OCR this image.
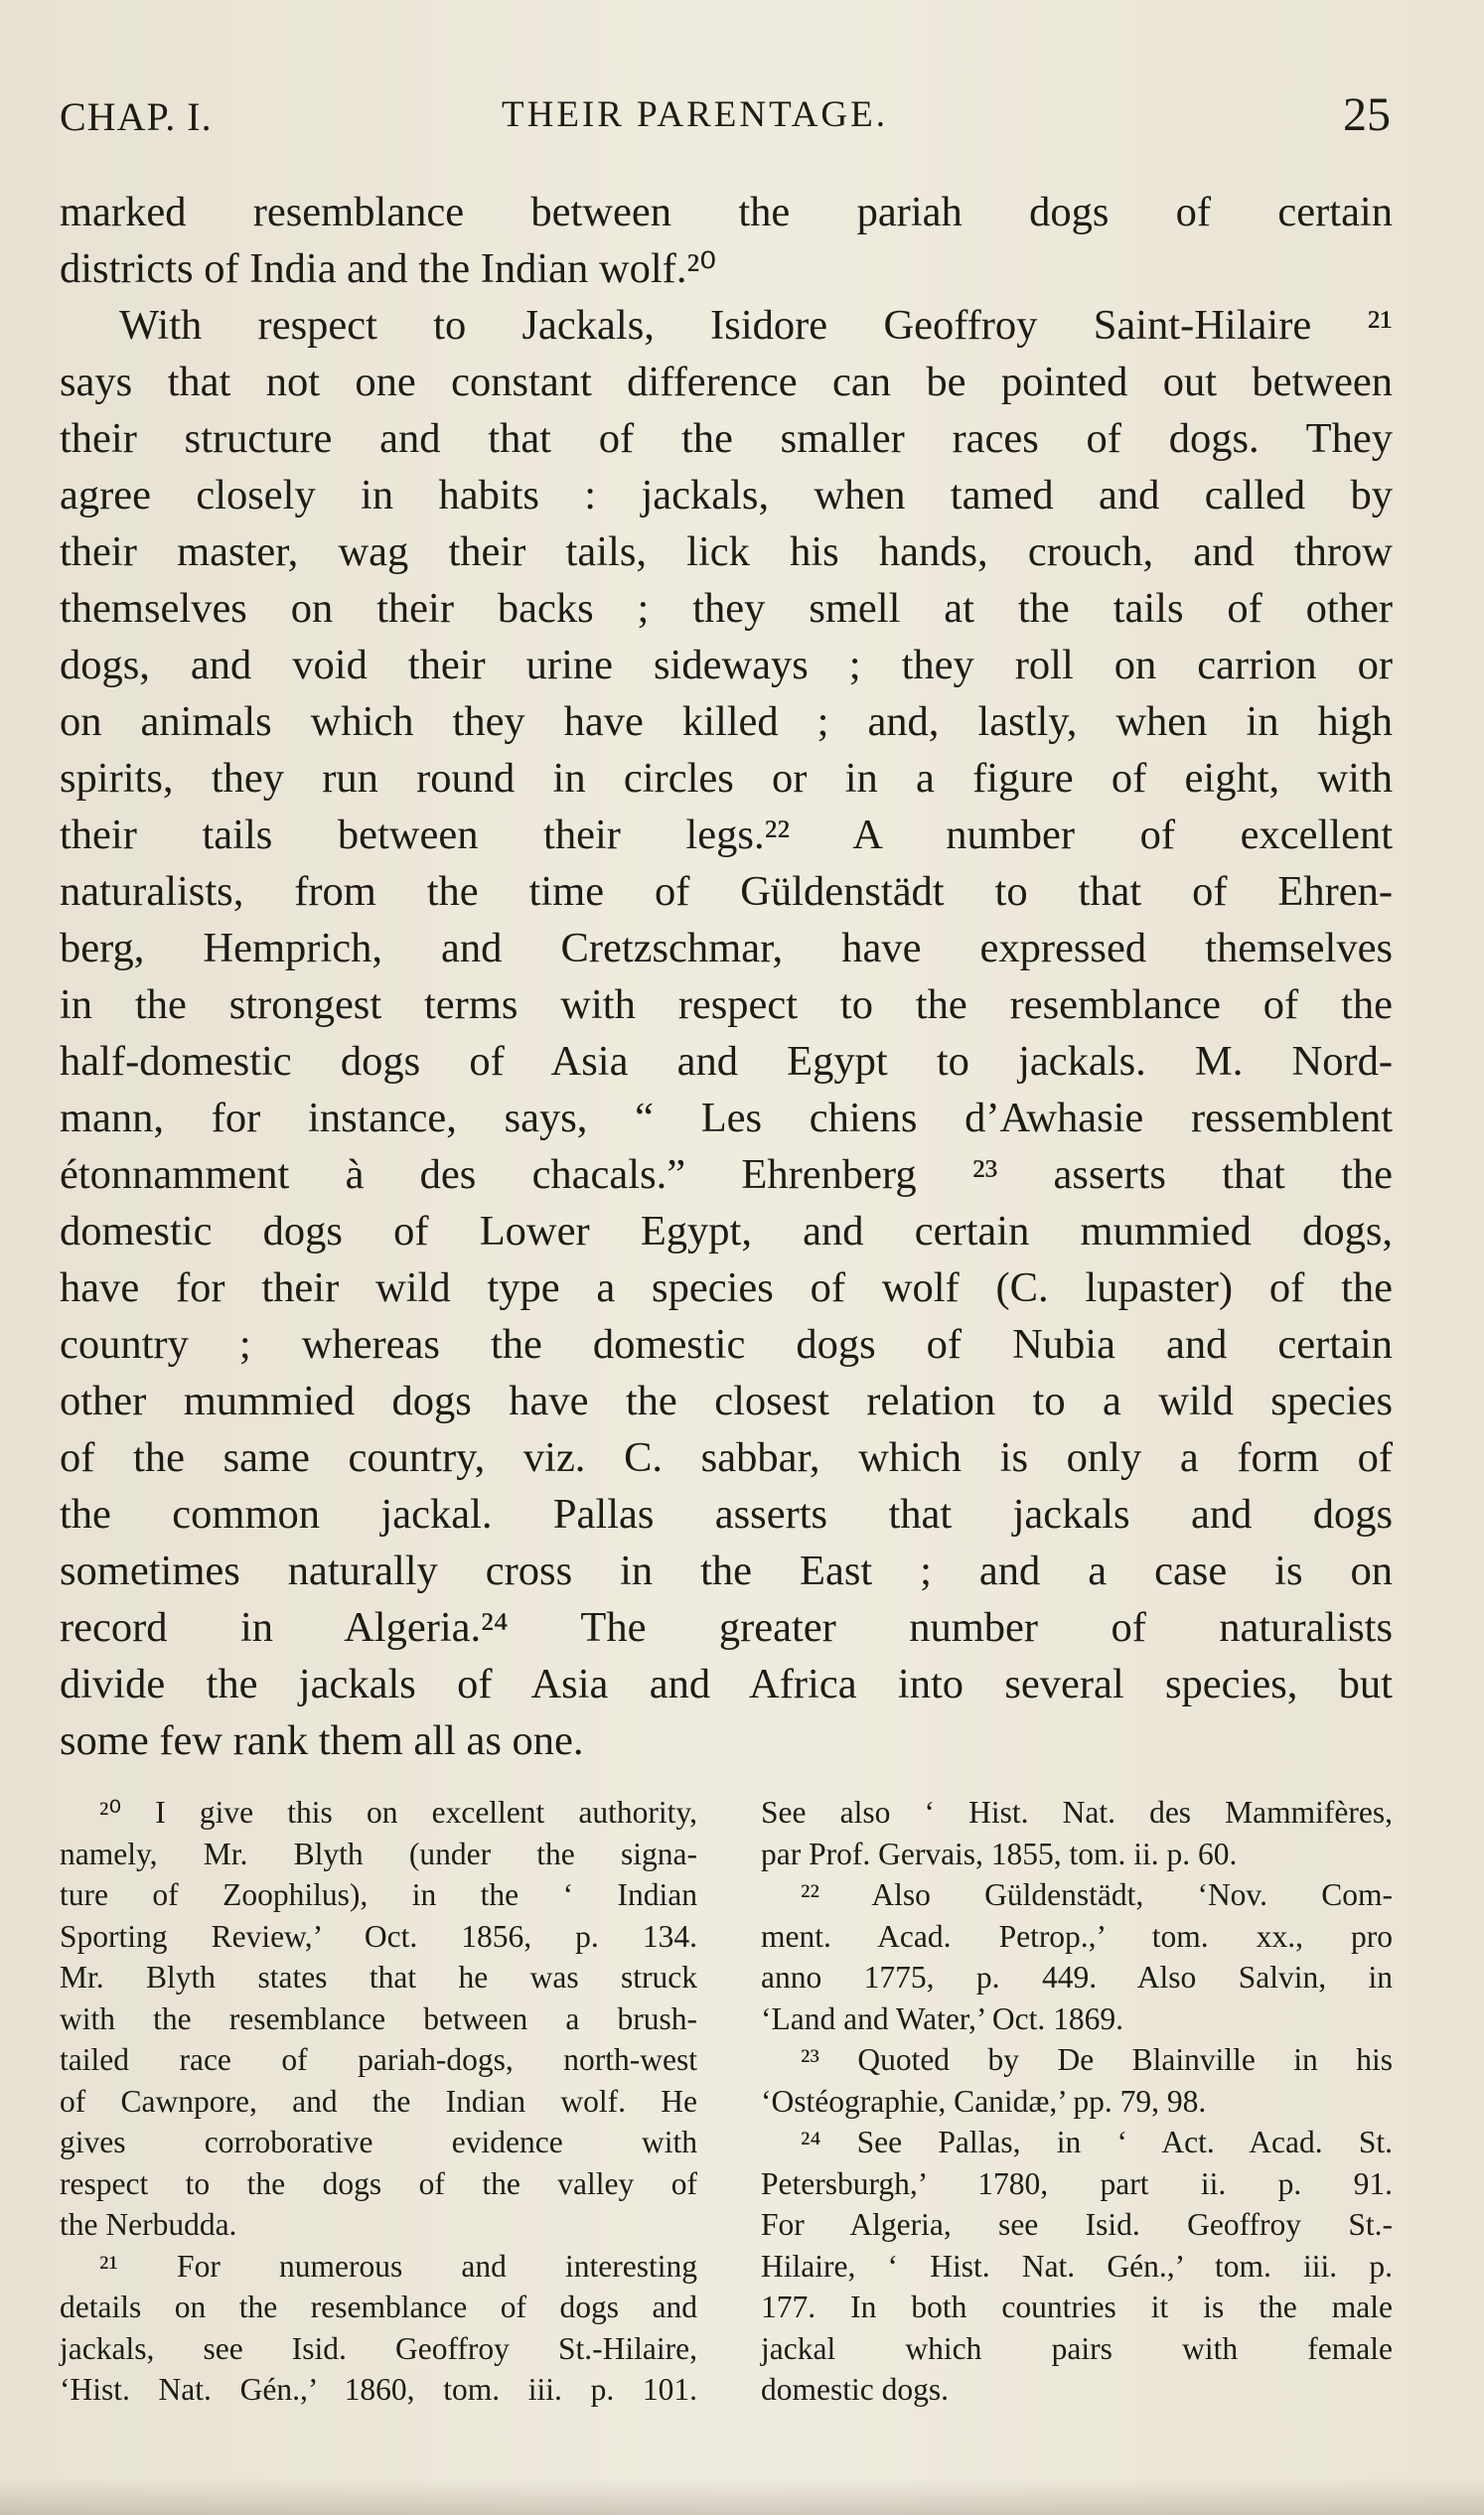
CHAP. I.	THEIR PARENTAGE.	25
marked resemblance between the pariah dogs of certain
districts of India and the Indian wolf.²⁰
With respect to Jackals, Isidore Geoffroy Saint-Hilaire ²¹
says that not one constant difference can be pointed out between
their structure and that of the smaller races of dogs. They
agree closely in habits : jackals, when tamed and called by
their master, wag their tails, lick his hands, crouch, and throw
themselves on their backs ; they smell at the tails of other
dogs, and void their urine sideways ; they roll on carrion or
on animals which they have killed ; and, lastly, when in high
spirits, they run round in circles or in a figure of eight, with
their tails between their legs.²² A number of excellent
naturalists, from the time of Güldenstädt to that of Ehren-
berg, Hemprich, and Cretzschmar, have expressed themselves
in the strongest terms with respect to the resemblance of the
half-domestic dogs of Asia and Egypt to jackals. M. Nord-
mann, for instance, says, “ Les chiens d’Awhasie ressemblent
étonnamment à des chacals.” Ehrenberg ²³ asserts that the
domestic dogs of Lower Egypt, and certain mummied dogs,
have for their wild type a species of wolf (C. lupaster) of the
country ; whereas the domestic dogs of Nubia and certain
other mummied dogs have the closest relation to a wild species
of the same country, viz. C. sabbar, which is only a form of
the common jackal. Pallas asserts that jackals and dogs
sometimes naturally cross in the East ; and a case is on
record in Algeria.²⁴ The greater number of naturalists
divide the jackals of Asia and Africa into several species, but
some few rank them all as one.
²⁰ I give this on excellent authority,
namely, Mr. Blyth (under the signa-
ture of Zoophilus), in the ‘ Indian
Sporting Review,’ Oct. 1856, p. 134.
Mr. Blyth states that he was struck
with the resemblance between a brush-
tailed race of pariah-dogs, north-west
of Cawnpore, and the Indian wolf. He
gives corroborative evidence with
respect to the dogs of the valley of
the Nerbudda.
²¹ For numerous and interesting
details on the resemblance of dogs and
jackals, see Isid. Geoffroy St.-Hilaire,
‘Hist. Nat. Gén.,’ 1860, tom. iii. p. 101.
See also ‘ Hist. Nat. des Mammifères,
par Prof. Gervais, 1855, tom. ii. p. 60.
²² Also Güldenstädt, ‘Nov. Com-
ment. Acad. Petrop.,’ tom. xx., pro
anno 1775, p. 449. Also Salvin, in
‘Land and Water,’ Oct. 1869.
²³ Quoted by De Blainville in his
‘Ostéographie, Canidæ,’ pp. 79, 98.
²⁴ See Pallas, in ‘ Act. Acad. St.
Petersburgh,’ 1780, part ii. p. 91.
For Algeria, see Isid. Geoffroy St.-
Hilaire, ‘ Hist. Nat. Gén.,’ tom. iii. p.
177. In both countries it is the male
jackal which pairs with female
domestic dogs.
